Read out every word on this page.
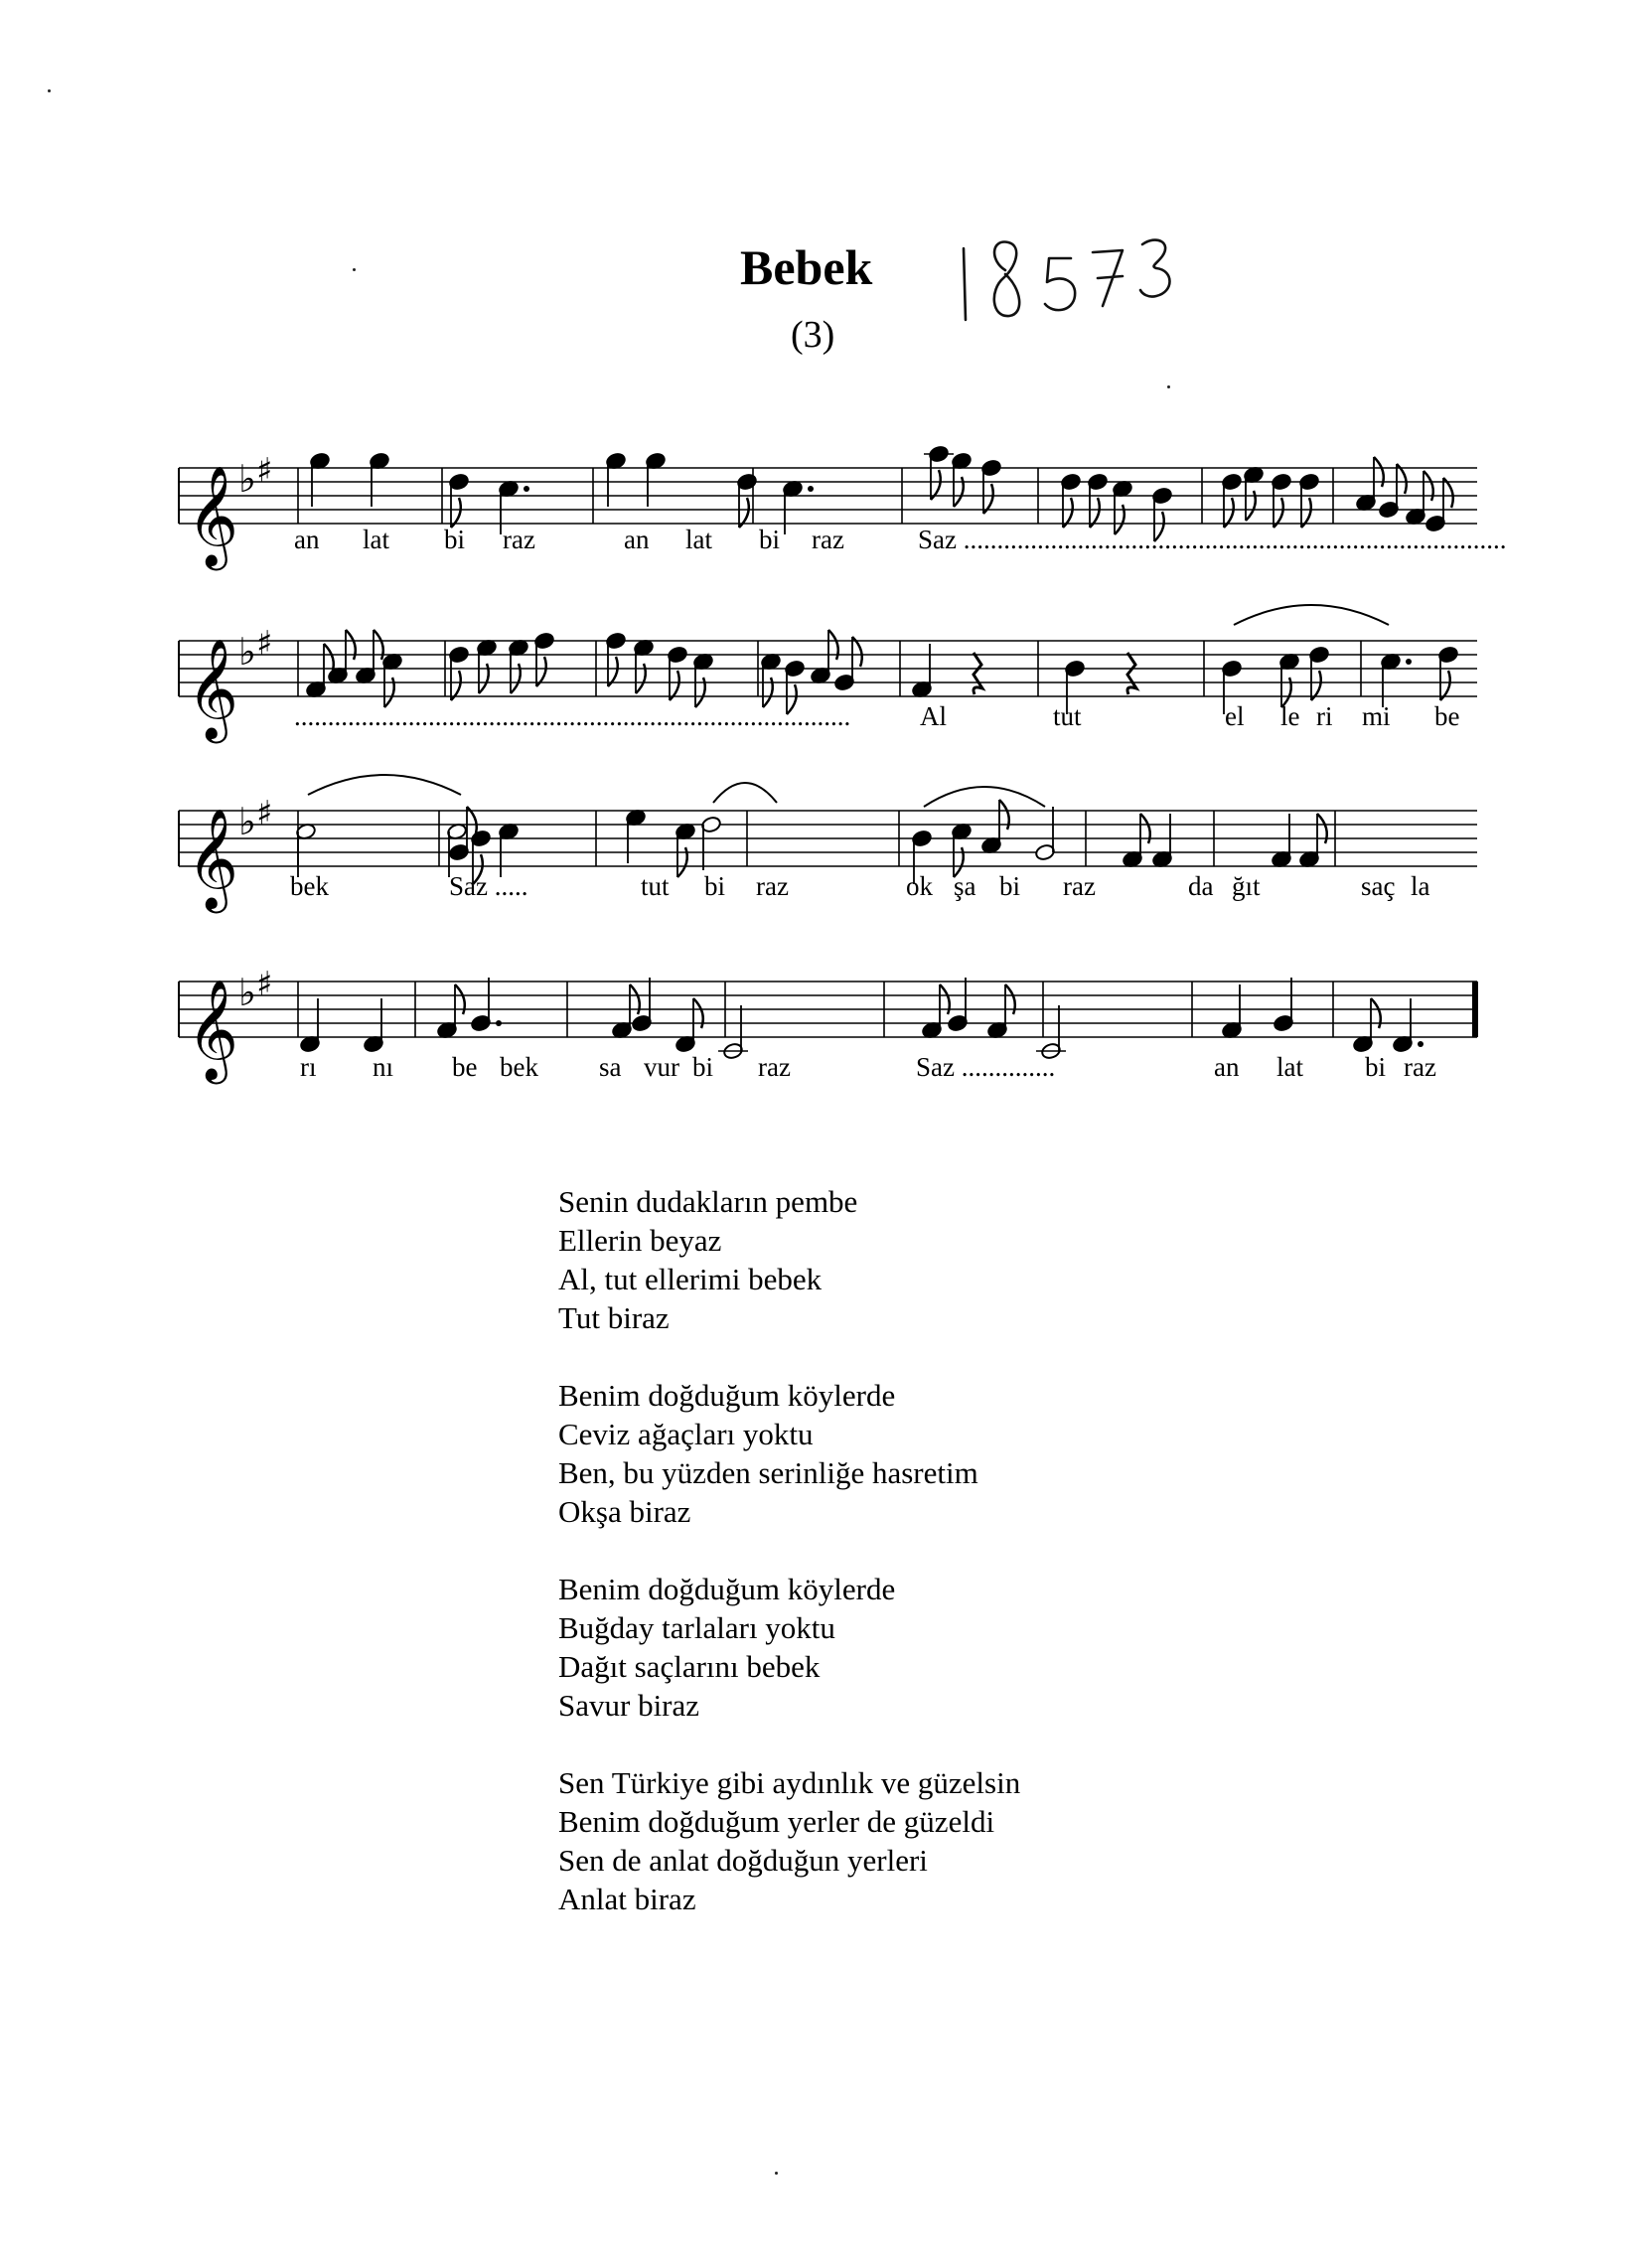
Bebek
(3)
𝄞 ♭ ♯
𝄞 ♭ ♯
𝄞 ♭ ♯
𝄞 ♭ ♯
an lat bi raz	an lat bi raz	Saz .................................................................................
...................................................................................	Al	tut	el le ri mi be
bek	Saz .....	tut bi raz	ok şa bi raz	da ğıt	saç la
rı nı be bek sa vur bi raz	Saz ..............	an lat bi raz
Senin dudakların pembe
Ellerin beyaz
Al, tut ellerimi bebek
Tut biraz
Benim doğduğum köylerde
Ceviz ağaçları yoktu
Ben, bu yüzden serinliğe hasretim
Okşa biraz
Benim doğduğum köylerde
Buğday tarlaları yoktu
Dağıt saçlarını bebek
Savur biraz
Sen Türkiye gibi aydınlık ve güzelsin
Benim doğduğum yerler de güzeldi
Sen de anlat doğduğun yerleri
Anlat biraz
